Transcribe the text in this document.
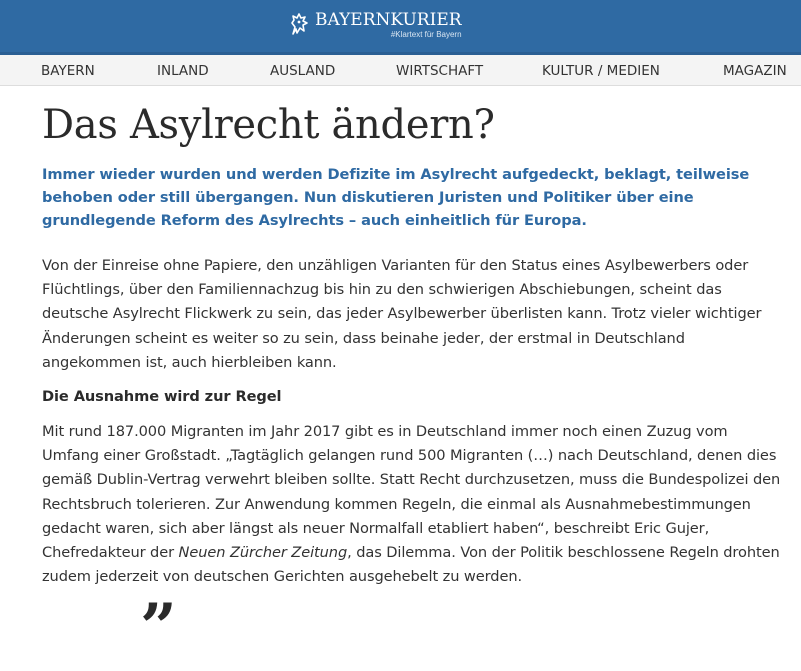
BAYERNKURIER
#Klartext für Bayern
BAYERN	INLAND	AUSLAND	WIRTSCHAFT	KULTUR / MEDIEN	MAGAZIN
Das Asylrecht ändern?

Immer wieder wurden und werden Defizite im Asylrecht aufgedeckt, beklagt, teilweise behoben oder still übergangen. Nun diskutieren Juristen und Politiker über eine grundlegende Reform des Asylrechts – auch einheitlich für Europa.

Von der Einreise ohne Papiere, den unzähligen Varianten für den Status eines Asylbewerbers oder Flüchtlings, über den Familiennachzug bis hin zu den schwierigen Abschiebungen, scheint das deutsche Asylrecht Flickwerk zu sein, das jeder Asylbewerber überlisten kann. Trotz vieler wichtiger Änderungen scheint es weiter so zu sein, dass beinahe jeder, der erstmal in Deutschland angekommen ist, auch hierbleiben kann.

Die Ausnahme wird zur Regel

Mit rund 187.000 Migranten im Jahr 2017 gibt es in Deutschland immer noch einen Zuzug vom Umfang einer Großstadt. „Tagtäglich gelangen rund 500 Migranten (…) nach Deutschland, denen dies gemäß Dublin-Vertrag verwehrt bleiben sollte. Statt Recht durchzusetzen, muss die Bundespolizei den Rechtsbruch tolerieren. Zur Anwendung kommen Regeln, die einmal als Ausnahmebestimmungen gedacht waren, sich aber längst als neuer Normalfall etabliert haben“, beschreibt Eric Gujer, Chefredakteur der Neuen Zürcher Zeitung, das Dilemma. Von der Politik beschlossene Regeln drohten zudem jederzeit von deutschen Gerichten ausgehebelt zu werden.

”
